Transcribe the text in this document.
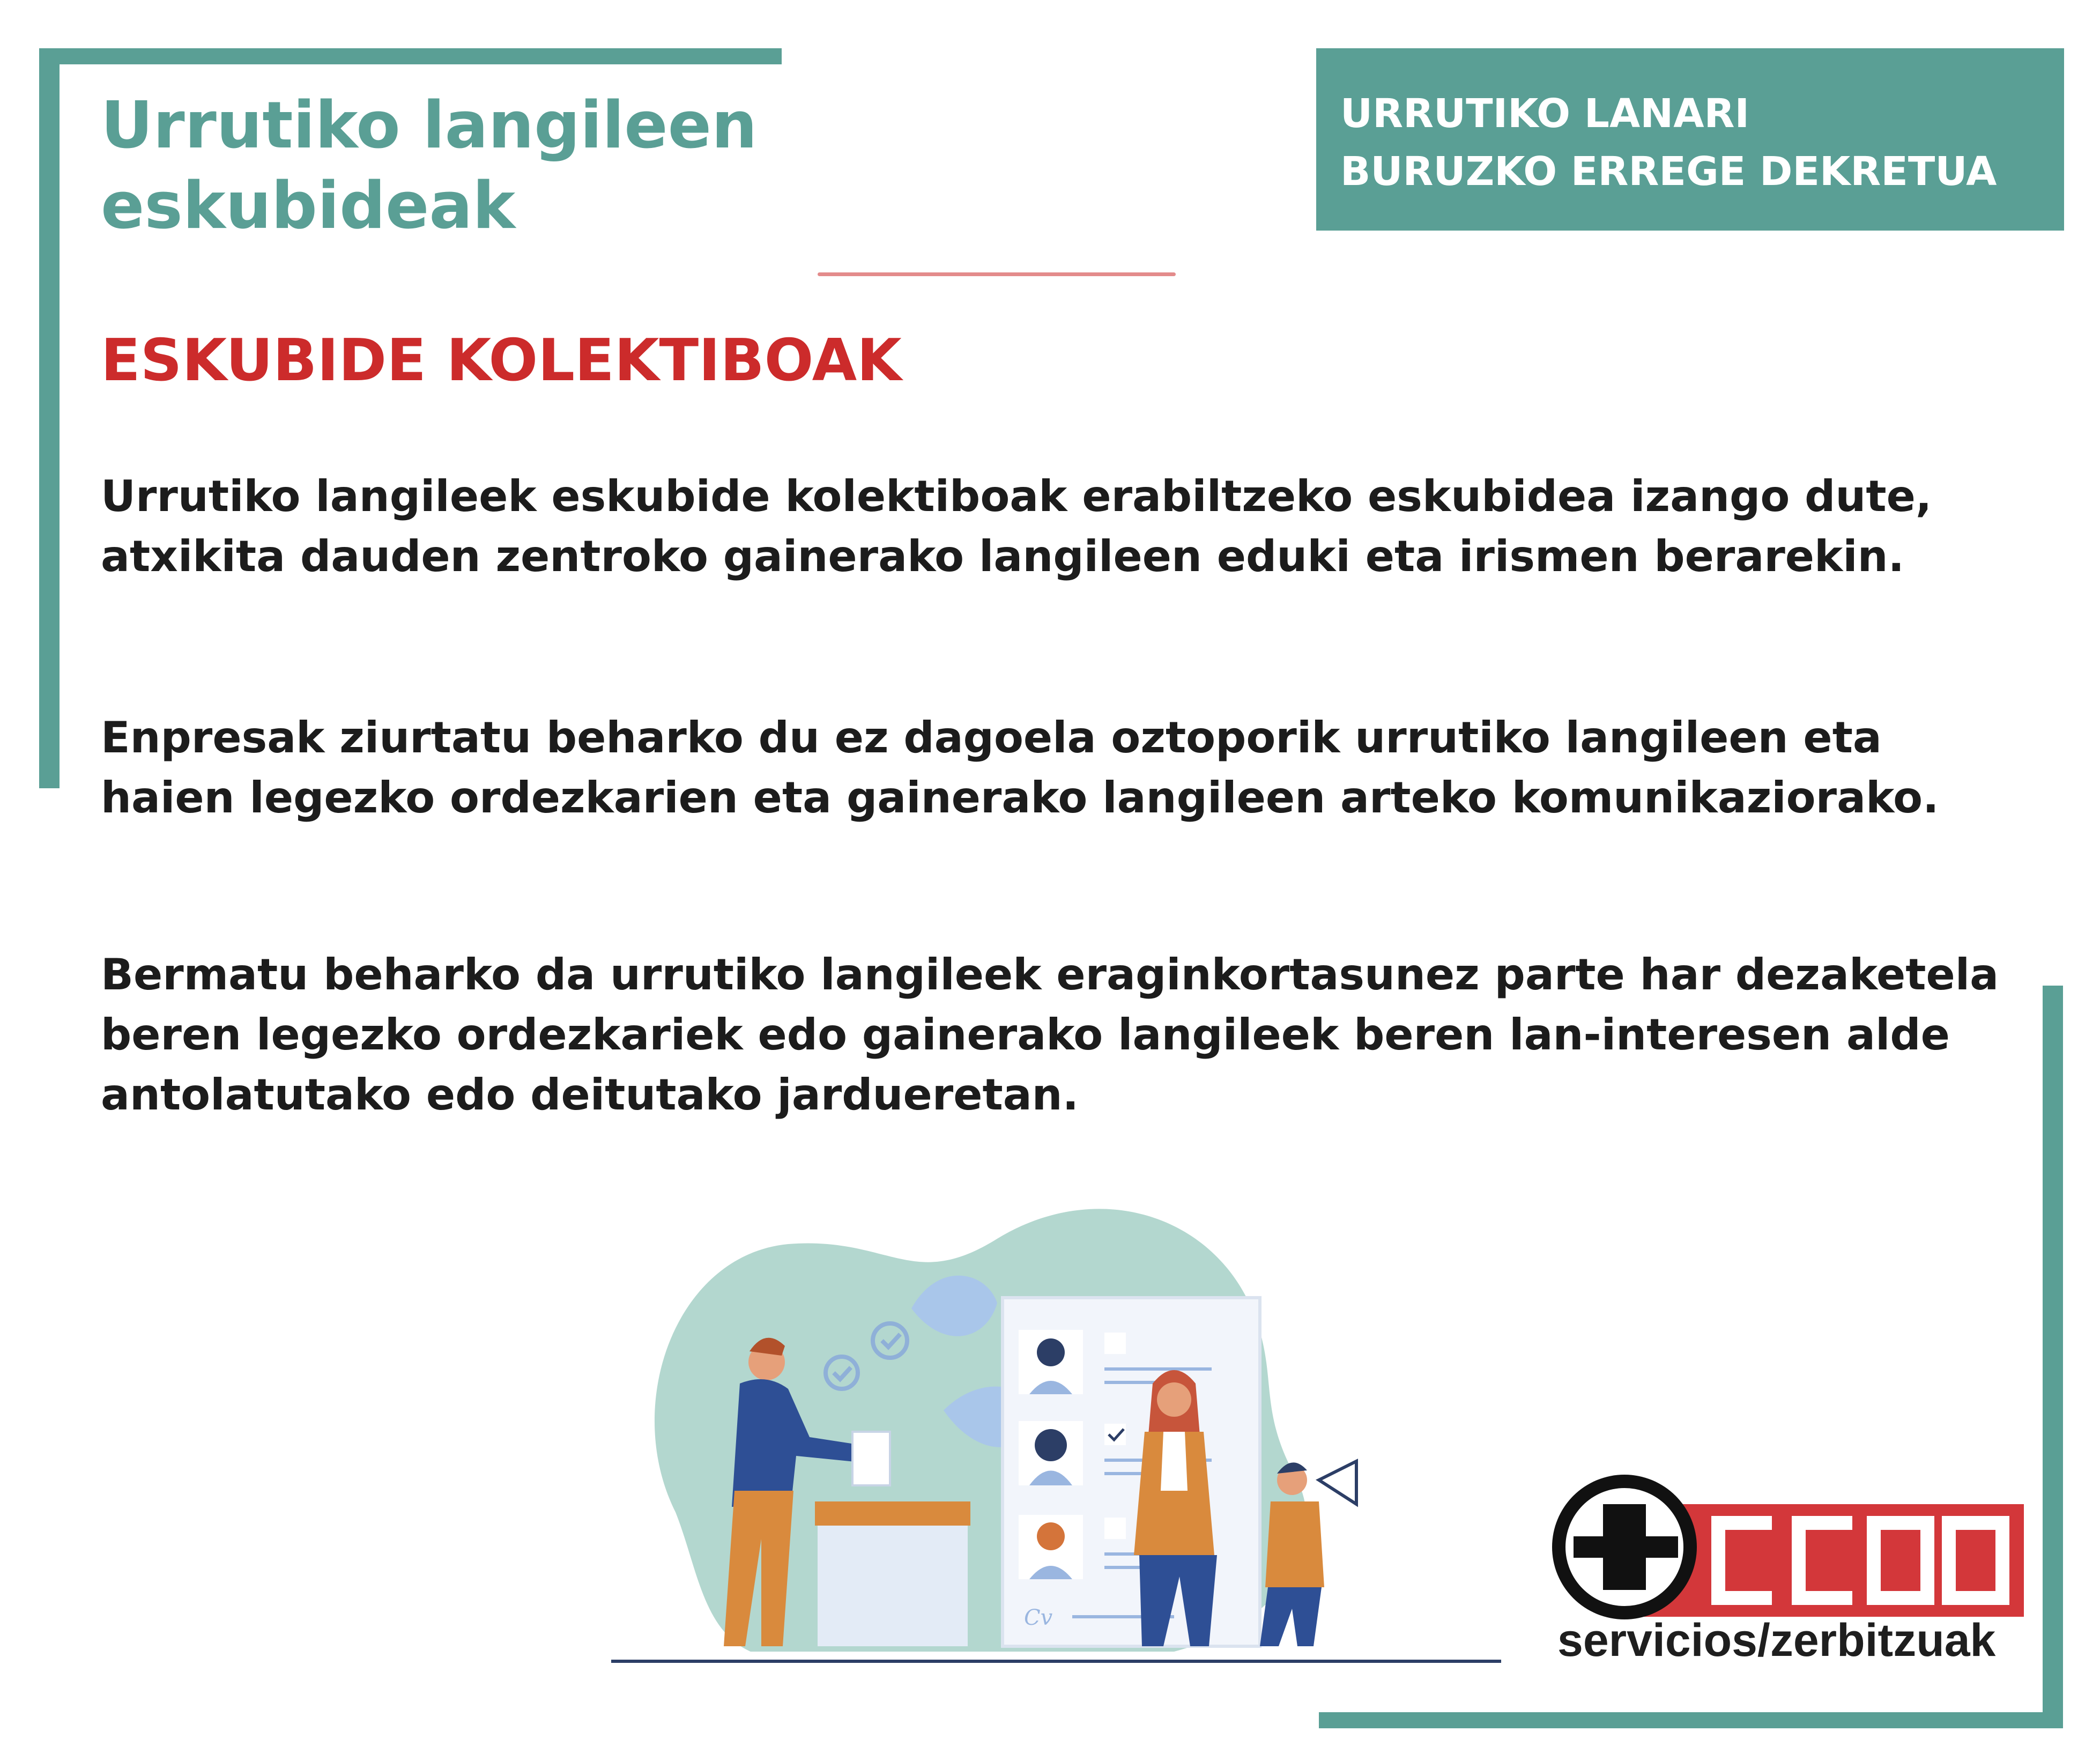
Urrutiko langileen
eskubideak
URRUTIKO LANARI
BURUZKO ERREGE DEKRETUA
ESKUBIDE KOLEKTIBOAK

Urrutiko langileek eskubide kolektiboak erabiltzeko eskubidea izango dute, atxikita dauden zentroko gainerako langileen eduki eta irismen berarekin.

Enpresak ziurtatu beharko du ez dagoela oztoporik urrutiko langileen eta haien legezko ordezkarien eta gainerako langileen arteko komunikaziorako.

Bermatu beharko da urrutiko langileek eraginkortasunez parte har dezaketela beren legezko ordezkariek edo gainerako langileek beren lan-interesen alde antolatutako edo deitutako jardueretan.

Cv
CCOO
servicios/zerbitzuak
